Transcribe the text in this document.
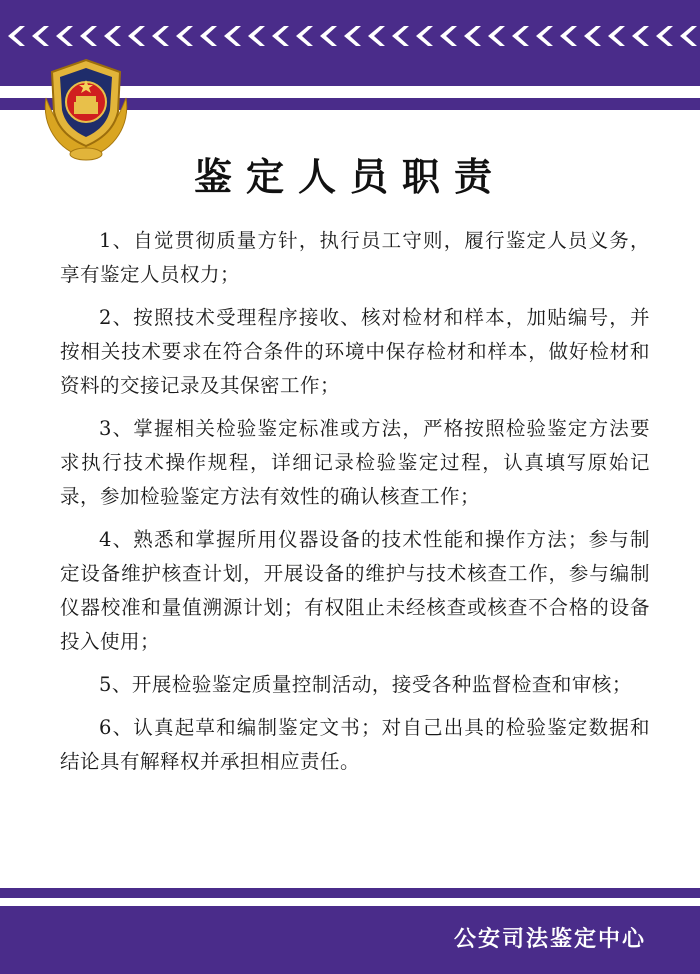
鉴定人员职责

1、自觉贯彻质量方针，执行员工守则，履行鉴定人员义务，享有鉴定人员权力；

2、按照技术受理程序接收、核对检材和样本，加贴编号，并按相关技术要求在符合条件的环境中保存检材和样本，做好检材和资料的交接记录及其保密工作；

3、掌握相关检验鉴定标准或方法，严格按照检验鉴定方法要求执行技术操作规程，详细记录检验鉴定过程，认真填写原始记录，参加检验鉴定方法有效性的确认核查工作；

4、熟悉和掌握所用仪器设备的技术性能和操作方法；参与制定设备维护核查计划，开展设备的维护与技术核查工作，参与编制仪器校准和量值溯源计划；有权阻止未经核查或核查不合格的设备投入使用；

5、开展检验鉴定质量控制活动，接受各种监督检查和审核；

6、认真起草和编制鉴定文书；对自己出具的检验鉴定数据和结论具有解释权并承担相应责任。

公安司法鉴定中心
